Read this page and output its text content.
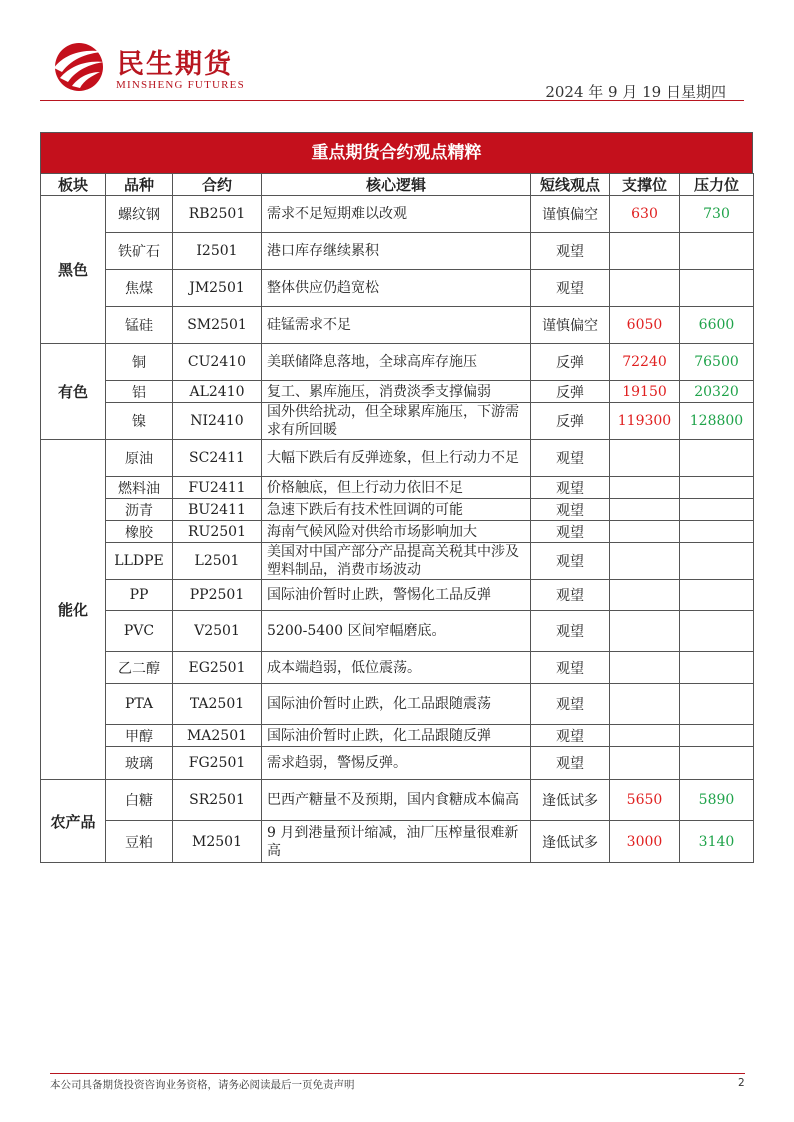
民生期货
MINSHENG FUTURES	2024 年 9 月 19 日星期四
重点期货合约观点精粹
板块	品种	合约	核心逻辑	短线观点	支撑位	压力位
黑色	螺纹钢	RB2501	需求不足短期难以改观	谨慎偏空	630	730
	铁矿石	I2501	港口库存继续累积	观望		
	焦煤	JM2501	整体供应仍趋宽松	观望		
	锰硅	SM2501	硅锰需求不足	谨慎偏空	6050	6600
有色	铜	CU2410	美联储降息落地，全球高库存施压	反弹	72240	76500
	铝	AL2410	复工、累库施压，消费淡季支撑偏弱	反弹	19150	20320
	镍	NI2410	国外供给扰动，但全球累库施压，下游需求有所回暖	反弹	119300	128800
能化	原油	SC2411	大幅下跌后有反弹迹象，但上行动力不足	观望		
	燃料油	FU2411	价格触底，但上行动力依旧不足	观望		
	沥青	BU2411	急速下跌后有技术性回调的可能	观望		
	橡胶	RU2501	海南气候风险对供给市场影响加大	观望		
	LLDPE	L2501	美国对中国产部分产品提高关税其中涉及塑料制品，消费市场波动	观望		
	PP	PP2501	国际油价暂时止跌，警惕化工品反弹	观望		
	PVC	V2501	5200-5400 区间窄幅磨底。	观望		
	乙二醇	EG2501	成本端趋弱，低位震荡。	观望		
	PTA	TA2501	国际油价暂时止跌，化工品跟随震荡	观望		
	甲醇	MA2501	国际油价暂时止跌，化工品跟随反弹	观望		
	玻璃	FG2501	需求趋弱，警惕反弹。	观望		
农产品	白糖	SR2501	巴西产糖量不及预期，国内食糖成本偏高	逢低试多	5650	5890
	豆粕	M2501	9 月到港量预计缩减，油厂压榨量很难新高	逢低试多	3000	3140
本公司具备期货投资咨询业务资格，请务必阅读最后一页免责声明	2
